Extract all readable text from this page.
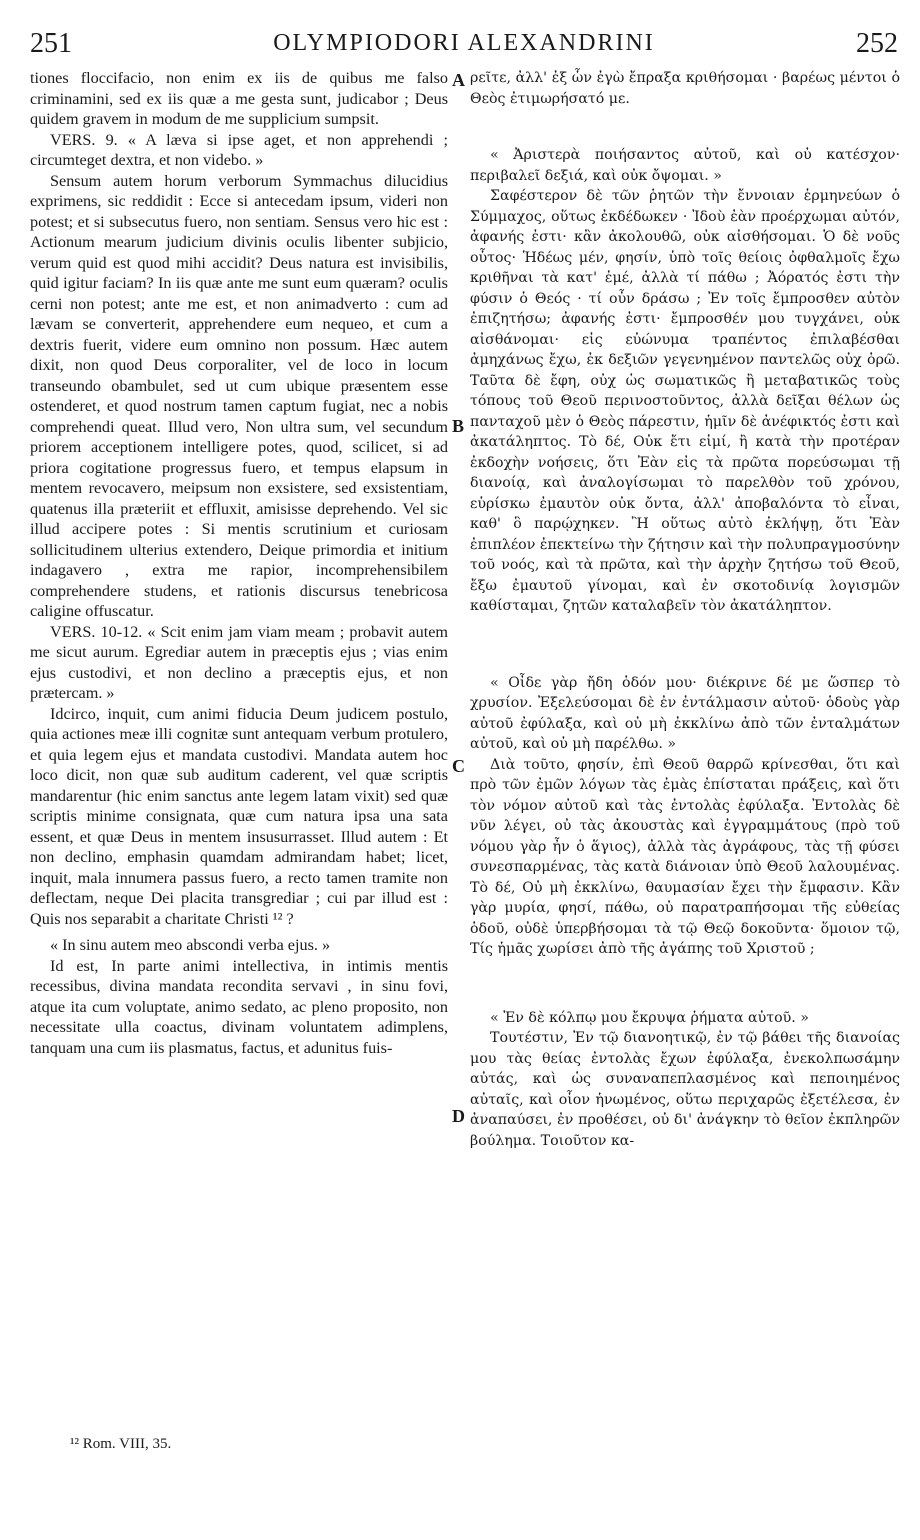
251	OLYMPIODORI ALEXANDRINI	252

tiones floccifacio, non enim ex iis de quibus me falso criminamini, sed ex iis quæ a me gesta sunt, judicabor ; Deus quidem gravem in modum de me supplicium sumpsit.

VERS. 9. « A læva si ipse aget, et non apprehendi ; circumteget dextra, et non videbo. »

Sensum autem horum verborum Symmachus dilucidius exprimens, sic reddidit : Ecce si antecedam ipsum, videri non potest; et si subsecutus fuero, non sentiam. Sensus vero hic est : Actionum mearum judicium divinis oculis libenter subjicio, verum quid est quod mihi accidit? Deus natura est invisibilis, quid igitur faciam? In iis quæ ante me sunt eum quæram? oculis cerni non potest; ante me est, et non animadverto : cum ad lævam se converterit, apprehendere eum nequeo, et cum a dextris fuerit, videre eum omnino non possum. Hæc autem dixit, non quod Deus corporaliter, vel de loco in locum transeundo obambulet, sed ut cum ubique præsentem esse ostenderet, et quod nostrum tamen captum fugiat, nec a nobis comprehendi queat. Illud vero, Non ultra sum, vel secundum priorem acceptionem intelligere potes, quod, scilicet, si ad priora cogitatione progressus fuero, et tempus elapsum in mentem revocavero, meipsum non exsistere, sed exsistentiam, quatenus illa præteriit et effluxit, amisisse deprehendo. Vel sic illud accipere potes : Si mentis scrutinium et curiosam sollicitudinem ulterius extendero, Deique primordia et initium indagavero , extra me rapior, incomprehensibilem comprehendere studens, et rationis discursus tenebricosa caligine offuscatur.

VERS. 10-12. « Scit enim jam viam meam ; probavit autem me sicut aurum. Egrediar autem in præceptis ejus ; vias enim ejus custodivi, et non declino a præceptis ejus, et non prætercam. »

Idcirco, inquit, cum animi fiducia Deum judicem postulo, quia actiones meæ illi cognitæ sunt antequam verbum protulero, et quia legem ejus et mandata custodivi. Mandata autem hoc loco dicit, non quæ sub auditum caderent, vel quæ scriptis mandarentur (hic enim sanctus ante legem latam vixit) sed quæ scriptis minime consignata, quæ cum natura ipsa una sata essent, et quæ Deus in mentem insusurrasset. Illud autem : Et non declino, emphasin quamdam admirandam habet; licet, inquit, mala innumera passus fuero, a recto tamen tramite non deflectam, neque Dei placita transgrediar ; cui par illud est : Quis nos separabit a charitate Christi ¹² ?

« In sinu autem meo abscondi verba ejus. »

Id est, In parte animi intellectiva, in intimis mentis recessibus, divina mandata recondita servavi , in sinu fovi, atque ita cum voluptate, animo sedato, ac pleno proposito, non necessitate ulla coactus, divinam voluntatem adimplens, tanquam una cum iis plasmatus, factus, et adunitus fuis-

ρεῖτε, ἀλλ' ἐξ ὧν ἐγὼ ἔπραξα κριθήσομαι · βαρέως μέντοι ὁ Θεὸς ἐτιμωρήσατό με.

« Ἀριστερὰ ποιήσαντος αὐτοῦ, καὶ οὐ κατέσχον· περιβαλεῖ δεξιά, καὶ οὐκ ὄψομαι. »

Σαφέστερον δὲ τῶν ῥητῶν τὴν ἔννοιαν ἑρμηνεύων ὁ Σύμμαχος, οὕτως ἐκδέδωκεν · Ἰδοὺ ἐὰν προέρχωμαι αὐτόν, ἀφανής ἐστι· κἂν ἀκολουθῶ, οὐκ αἰσθήσομαι. Ὁ δὲ νοῦς οὗτος· Ἡδέως μέν, φησίν, ὑπὸ τοῖς θείοις ὀφθαλμοῖς ἔχω κριθῆναι τὰ κατ' ἐμέ, ἀλλὰ τί πάθω ; Ἀόρατός ἐστι τὴν φύσιν ὁ Θεός · τί οὖν δράσω ; Ἐν τοῖς ἔμπροσθεν αὐτὸν ἐπιζητήσω; ἀφανής ἐστι· ἔμπροσθέν μου τυγχάνει, οὐκ αἰσθάνομαι· εἰς εὐώνυμα τραπέντος ἐπιλαβέσθαι ἀμηχάνως ἔχω, ἐκ δεξιῶν γεγενημένον παντελῶς οὐχ ὁρῶ. Ταῦτα δὲ ἔφη, οὐχ ὡς σωματικῶς ἢ μεταβατικῶς τοὺς τόπους τοῦ Θεοῦ περινοστοῦντος, ἀλλὰ δεῖξαι θέλων ὡς πανταχοῦ μὲν ὁ Θεὸς πάρεστιν, ἡμῖν δὲ ἀνέφικτός ἐστι καὶ ἀκατάληπτος. Τὸ δέ, Οὐκ ἔτι εἰμί, ἢ κατὰ τὴν προτέραν ἐκδοχὴν νοήσεις, ὅτι Ἐὰν εἰς τὰ πρῶτα πορεύσωμαι τῇ διανοίᾳ, καὶ ἀναλογίσωμαι τὸ παρελθὸν τοῦ χρόνου, εὑρίσκω ἐμαυτὸν οὐκ ὄντα, ἀλλ' ἀποβαλόντα τὸ εἶναι, καθ' ὃ παρῴχηκεν. Ἢ οὕτως αὐτὸ ἐκλήψῃ, ὅτι Ἐὰν ἐπιπλέον ἐπεκτείνω τὴν ζήτησιν καὶ τὴν πολυπραγμοσύνην τοῦ νοός, καὶ τὰ πρῶτα, καὶ τὴν ἀρχὴν ζητήσω τοῦ Θεοῦ, ἔξω ἐμαυτοῦ γίνομαι, καὶ ἐν σκοτοδινίᾳ λογισμῶν καθίσταμαι, ζητῶν καταλαβεῖν τὸν ἀκατάληπτον.

« Οἶδε γὰρ ἤδη ὁδόν μου· διέκρινε δέ με ὥσπερ τὸ χρυσίον. Ἐξελεύσομαι δὲ ἐν ἐντάλμασιν αὐτοῦ· ὁδοὺς γὰρ αὐτοῦ ἐφύλαξα, καὶ οὐ μὴ ἐκκλίνω ἀπὸ τῶν ἐνταλμάτων αὐτοῦ, καὶ οὐ μὴ παρέλθω. »

Διὰ τοῦτο, φησίν, ἐπὶ Θεοῦ θαρρῶ κρίνεσθαι, ὅτι καὶ πρὸ τῶν ἐμῶν λόγων τὰς ἐμὰς ἐπίσταται πράξεις, καὶ ὅτι τὸν νόμον αὐτοῦ καὶ τὰς ἐντολὰς ἐφύλαξα. Ἐντολὰς δὲ νῦν λέγει, οὐ τὰς ἀκουστὰς καὶ ἐγγραμμάτους (πρὸ τοῦ νόμου γὰρ ἦν ὁ ἅγιος), ἀλλὰ τὰς ἀγράφους, τὰς τῇ φύσει συνεσπαρμένας, τὰς κατὰ διάνοιαν ὑπὸ Θεοῦ λαλουμένας. Τὸ δέ, Οὐ μὴ ἐκκλίνω, θαυμασίαν ἔχει τὴν ἔμφασιν. Κἂν γὰρ μυρία, φησί, πάθω, οὐ παρατραπήσομαι τῆς εὐθείας ὁδοῦ, οὐδὲ ὑπερβήσομαι τὰ τῷ Θεῷ δοκοῦντα· ὅμοιον τῷ, Τίς ἡμᾶς χωρίσει ἀπὸ τῆς ἀγάπης τοῦ Χριστοῦ ;

« Ἐν δὲ κόλπῳ μου ἔκρυψα ῥήματα αὐτοῦ. »

Τουτέστιν, Ἐν τῷ διανοητικῷ, ἐν τῷ βάθει τῆς διανοίας μου τὰς θείας ἐντολὰς ἔχων ἐφύλαξα, ἐνεκολπωσάμην αὐτάς, καὶ ὡς συναναπεπλασμένος καὶ πεποιημένος αὐταῖς, καὶ οἷον ἡνωμένος, οὕτω περιχαρῶς ἐξετέλεσα, ἐν ἀναπαύσει, ἐν προθέσει, οὐ δι' ἀνάγκην τὸ θεῖον ἐκπληρῶν βούλημα. Τοιοῦτον κα-

A
B
C
D
¹² Rom. VIII, 35.
